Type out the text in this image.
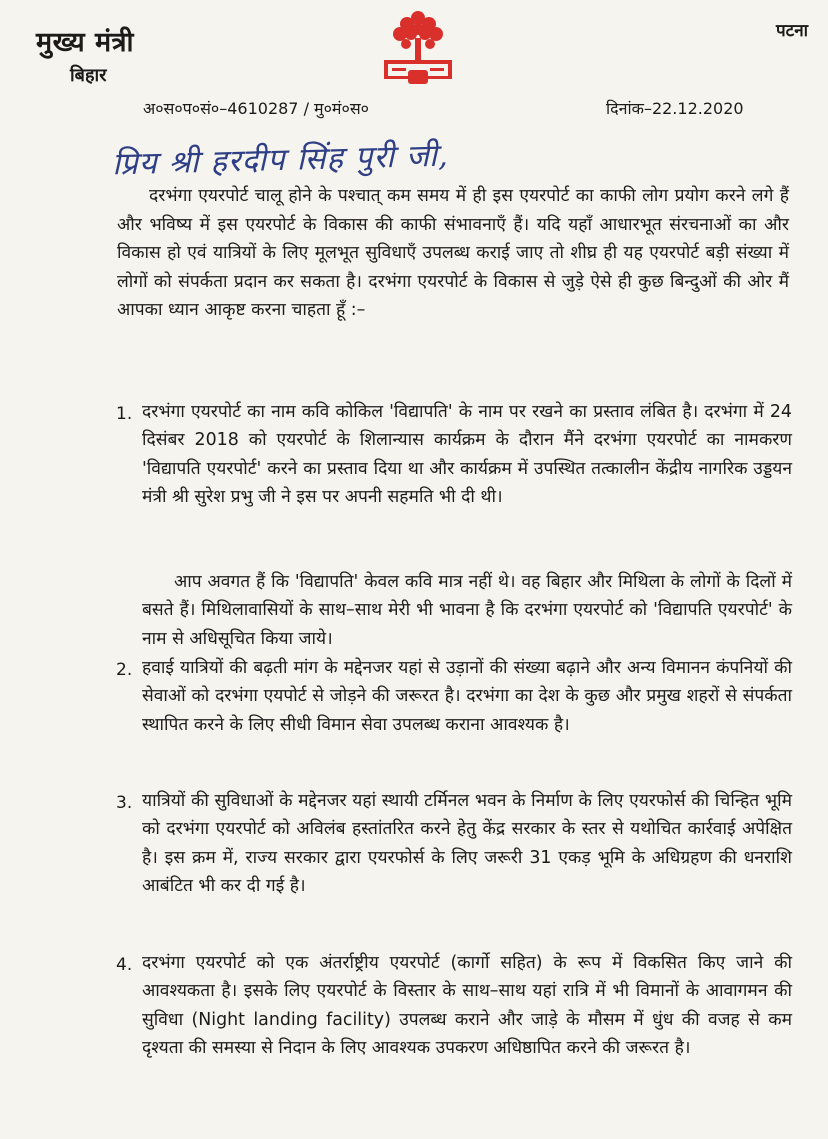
मुख्य मंत्री
बिहार
पटना
अ०स०प०सं०–4610287 / मु०मं०स०	दिनांक–22.12.2020
प्रिय श्री हरदीप सिंह पुरी जी,
दरभंगा एयरपोर्ट चालू होने के पश्चात् कम समय में ही इस एयरपोर्ट का काफी लोग प्रयोग करने लगे हैं और भविष्य में इस एयरपोर्ट के विकास की काफी संभावनाएँ हैं। यदि यहाँ आधारभूत संरचनाओं का और विकास हो एवं यात्रियों के लिए मूलभूत सुविधाएँ उपलब्ध कराई जाए तो शीघ्र ही यह एयरपोर्ट बड़ी संख्या में लोगों को संपर्कता प्रदान कर सकता है। दरभंगा एयरपोर्ट के विकास से जुड़े ऐसे ही कुछ बिन्दुओं की ओर मैं आपका ध्यान आकृष्ट करना चाहता हूँ :–
1. दरभंगा एयरपोर्ट का नाम कवि कोकिल 'विद्यापति' के नाम पर रखने का प्रस्ताव लंबित है। दरभंगा में 24 दिसंबर 2018 को एयरपोर्ट के शिलान्यास कार्यक्रम के दौरान मैंने दरभंगा एयरपोर्ट का नामकरण 'विद्यापति एयरपोर्ट' करने का प्रस्ताव दिया था और कार्यक्रम में उपस्थित तत्कालीन केंद्रीय नागरिक उड्डयन मंत्री श्री सुरेश प्रभु जी ने इस पर अपनी सहमति भी दी थी।
आप अवगत हैं कि 'विद्यापति' केवल कवि मात्र नहीं थे। वह बिहार और मिथिला के लोगों के दिलों में बसते हैं। मिथिलावासियों के साथ–साथ मेरी भी भावना है कि दरभंगा एयरपोर्ट को 'विद्यापति एयरपोर्ट' के नाम से अधिसूचित किया जाये।
2. हवाई यात्रियों की बढ़ती मांग के मद्देनजर यहां से उड़ानों की संख्या बढ़ाने और अन्य विमानन कंपनियों की सेवाओं को दरभंगा एयपोर्ट से जोड़ने की जरूरत है। दरभंगा का देश के कुछ और प्रमुख शहरों से संपर्कता स्थापित करने के लिए सीधी विमान सेवा उपलब्ध कराना आवश्यक है।
3. यात्रियों की सुविधाओं के मद्देनजर यहां स्थायी टर्मिनल भवन के निर्माण के लिए एयरफोर्स की चिन्हित भूमि को दरभंगा एयरपोर्ट को अविलंब हस्तांतरित करने हेतु केंद्र सरकार के स्तर से यथोचित कार्रवाई अपेक्षित है। इस क्रम में, राज्य सरकार द्वारा एयरफोर्स के लिए जरूरी 31 एकड़ भूमि के अधिग्रहण की धनराशि आबंटित भी कर दी गई है।
4. दरभंगा एयरपोर्ट को एक अंतर्राष्ट्रीय एयरपोर्ट (कार्गो सहित) के रूप में विकसित किए जाने की आवश्यकता है। इसके लिए एयरपोर्ट के विस्तार के साथ–साथ यहां रात्रि में भी विमानों के आवागमन की सुविधा (Night landing facility) उपलब्ध कराने और जाड़े के मौसम में धुंध की वजह से कम दृश्यता की समस्या से निदान के लिए आवश्यक उपकरण अधिष्ठापित करने की जरूरत है।
